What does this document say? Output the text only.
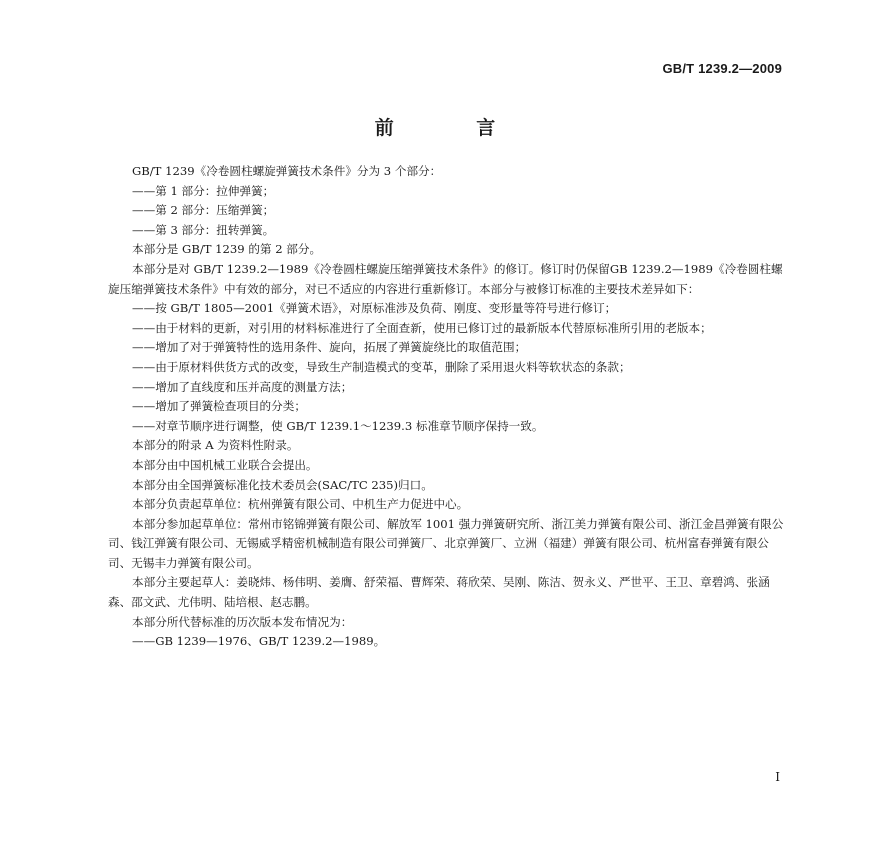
GB/T 1239.2—2009
前 言

GB/T 1239《冷卷圆柱螺旋弹簧技术条件》分为 3 个部分：

——第 1 部分：拉伸弹簧；

——第 2 部分：压缩弹簧；

——第 3 部分：扭转弹簧。

本部分是 GB/T 1239 的第 2 部分。

本部分是对 GB/T 1239.2—1989《冷卷圆柱螺旋压缩弹簧技术条件》的修订。修订时仍保留GB 1239.2—1989《冷卷圆柱螺旋压缩弹簧技术条件》中有效的部分，对已不适应的内容进行重新修订。本部分与被修订标准的主要技术差异如下：

——按 GB/T 1805—2001《弹簧术语》，对原标准涉及负荷、刚度、变形量等符号进行修订；

——由于材料的更新，对引用的材料标准进行了全面查新，使用已修订过的最新版本代替原标准所引用的老版本；

——增加了对于弹簧特性的选用条件、旋向，拓展了弹簧旋绕比的取值范围；

——由于原材料供货方式的改变，导致生产制造模式的变革，删除了采用退火料等软状态的条款；

——增加了直线度和压并高度的测量方法；

——增加了弹簧检查项目的分类；

——对章节顺序进行调整，使 GB/T 1239.1～1239.3 标准章节顺序保持一致。

本部分的附录 A 为资料性附录。

本部分由中国机械工业联合会提出。

本部分由全国弹簧标准化技术委员会(SAC/TC 235)归口。

本部分负责起草单位：杭州弹簧有限公司、中机生产力促进中心。

本部分参加起草单位：常州市铭锦弹簧有限公司、解放军 1001 强力弹簧研究所、浙江美力弹簧有限公司、浙江金昌弹簧有限公司、钱江弹簧有限公司、无锡威孚精密机械制造有限公司弹簧厂、北京弹簧厂、立洲（福建）弹簧有限公司、杭州富春弹簧有限公司、无锡丰力弹簧有限公司。

本部分主要起草人：姜晓炜、杨伟明、姜膺、舒荣福、曹辉荣、蒋欣荣、吴刚、陈洁、贺永义、严世平、王卫、章碧鸿、张涵森、邵文武、尤伟明、陆培根、赵志鹏。

本部分所代替标准的历次版本发布情况为：

——GB 1239—1976、GB/T 1239.2—1989。

I
